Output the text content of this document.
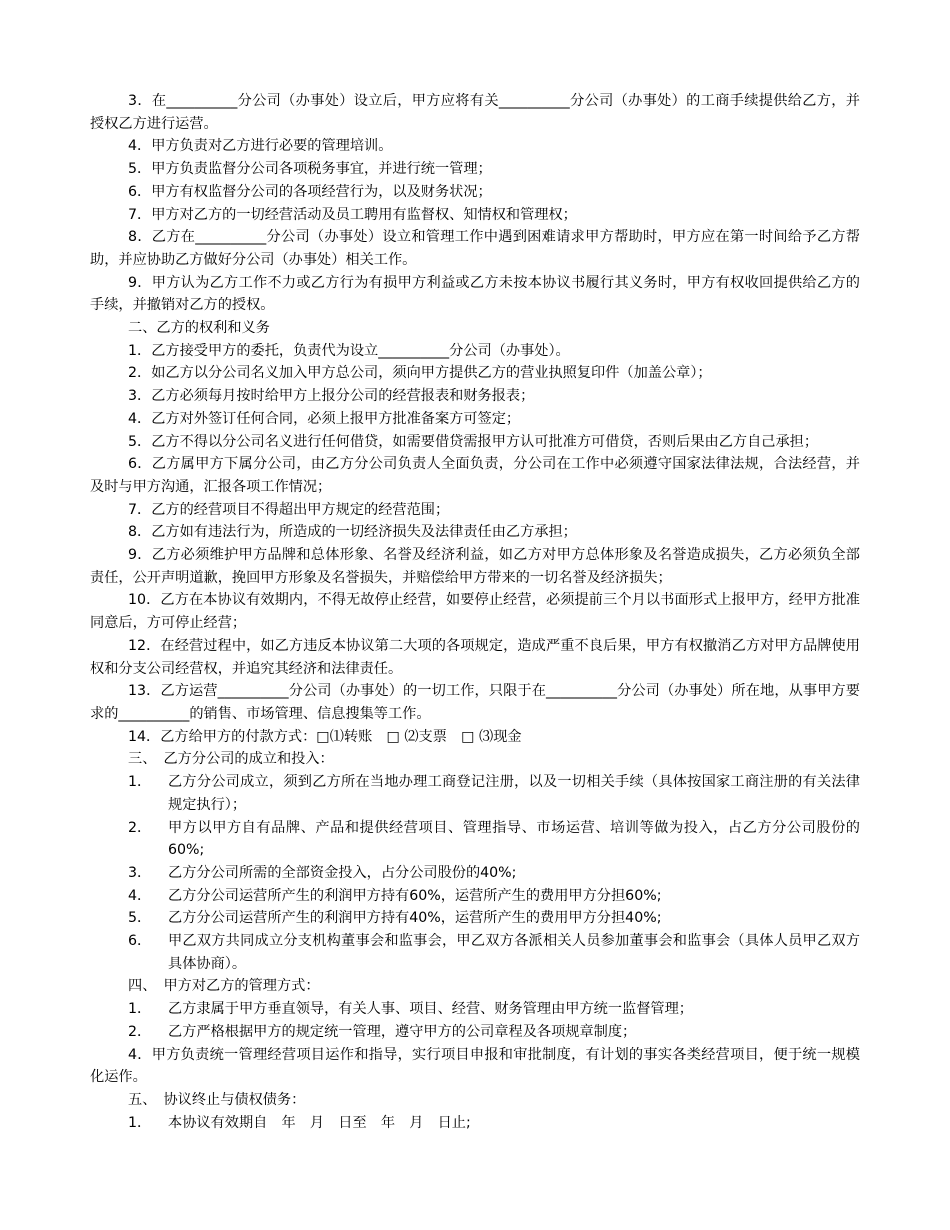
3．在__________分公司（办事处）设立后，甲方应将有关__________分公司（办事处）的工商手续提供给乙方，并授权乙方进行运营。

4．甲方负责对乙方进行必要的管理培训。

5．甲方负责监督分公司各项税务事宜，并进行统一管理；

6．甲方有权监督分公司的各项经营行为，以及财务状况；

7．甲方对乙方的一切经营活动及员工聘用有监督权、知情权和管理权；

8．乙方在__________分公司（办事处）设立和管理工作中遇到困难请求甲方帮助时，甲方应在第一时间给予乙方帮助，并应协助乙方做好分公司（办事处）相关工作。

9．甲方认为乙方工作不力或乙方行为有损甲方利益或乙方未按本协议书履行其义务时，甲方有权收回提供给乙方的手续，并撤销对乙方的授权。

二、乙方的权利和义务

1．乙方接受甲方的委托，负责代为设立__________分公司（办事处）。

2．如乙方以分公司名义加入甲方总公司，须向甲方提供乙方的营业执照复印件（加盖公章）；

3．乙方必须每月按时给甲方上报分公司的经营报表和财务报表；

4．乙方对外签订任何合同，必须上报甲方批准备案方可签定；

5．乙方不得以分公司名义进行任何借贷，如需要借贷需报甲方认可批准方可借贷，否则后果由乙方自己承担；

6．乙方属甲方下属分公司，由乙方分公司负责人全面负责，分公司在工作中必须遵守国家法律法规，合法经营，并及时与甲方沟通，汇报各项工作情况；

7．乙方的经营项目不得超出甲方规定的经营范围；

8．乙方如有违法行为，所造成的一切经济损失及法律责任由乙方承担；

9．乙方必须维护甲方品牌和总体形象、名誉及经济利益，如乙方对甲方总体形象及名誉造成损失，乙方必须负全部责任，公开声明道歉，挽回甲方形象及名誉损失，并赔偿给甲方带来的一切名誉及经济损失；

10．乙方在本协议有效期内，不得无故停止经营，如要停止经营，必须提前三个月以书面形式上报甲方，经甲方批准同意后，方可停止经营；

12．在经营过程中，如乙方违反本协议第二大项的各项规定，造成严重不良后果，甲方有权撤消乙方对甲方品牌使用权和分支公司经营权，并追究其经济和法律责任。

13．乙方运营__________分公司（办事处）的一切工作，只限于在__________分公司（办事处）所在地，从事甲方要求的__________的销售、市场管理、信息搜集等工作。

14．乙方给甲方的付款方式：□⑴转账　□ ⑵支票　□ ⑶现金

三、　乙方分公司的成立和投入：

1．	乙方分公司成立，须到乙方所在当地办理工商登记注册，以及一切相关手续（具体按国家工商注册的有关法律规定执行）；
2．	甲方以甲方自有品牌、产品和提供经营项目、管理指导、市场运营、培训等做为投入，占乙方分公司股份的60%;
3．	乙方分公司所需的全部资金投入，占分公司股份的40%;
4．	乙方分公司运营所产生的利润甲方持有60%，运营所产生的费用甲方分担60%;
5．	乙方分公司运营所产生的利润甲方持有40%，运营所产生的费用甲方分担40%;
6．	甲乙双方共同成立分支机构董事会和监事会，甲乙双方各派相关人员参加董事会和监事会（具体人员甲乙双方具体协商）。

四、　甲方对乙方的管理方式：

1．	乙方隶属于甲方垂直领导，有关人事、项目、经营、财务管理由甲方统一监督管理；
2．	乙方严格根据甲方的规定统一管理，遵守甲方的公司章程及各项规章制度；

4．甲方负责统一管理经营项目运作和指导，实行项目申报和审批制度，有计划的事实各类经营项目，便于统一规模化运作。

五、　协议终止与债权债务：

1．	本协议有效期自　年　月　日至　年　月　日止;
